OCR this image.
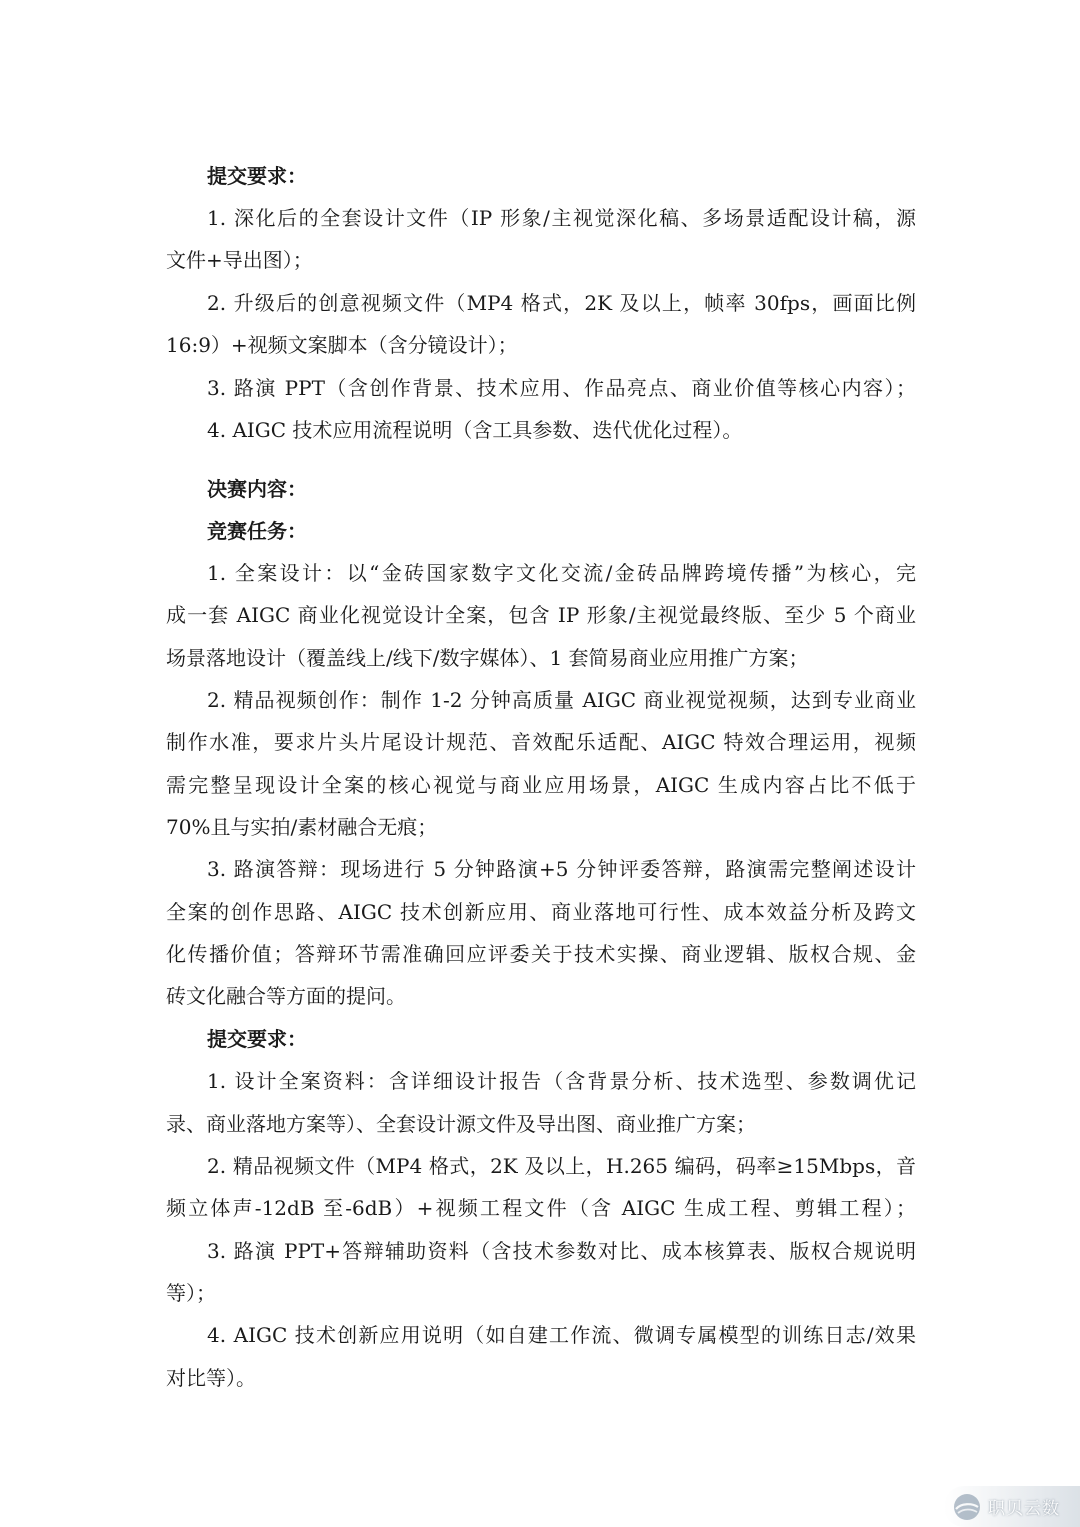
提交要求：
1. 深化后的全套设计文件（IP 形象/主视觉深化稿、多场景适配设计稿，源
文件+导出图）；
2. 升级后的创意视频文件（MP4 格式，2K 及以上，帧率 30fps，画面比例
16:9）+视频文案脚本（含分镜设计）；
3. 路演 PPT（含创作背景、技术应用、作品亮点、商业价值等核心内容）；
4. AIGC 技术应用流程说明（含工具参数、迭代优化过程）。
决赛内容：
竞赛任务：
1. 全案设计：以“金砖国家数字文化交流/金砖品牌跨境传播”为核心，完
成一套 AIGC 商业化视觉设计全案，包含 IP 形象/主视觉最终版、至少 5 个商业
场景落地设计（覆盖线上/线下/数字媒体）、1 套简易商业应用推广方案；
2. 精品视频创作：制作 1-2 分钟高质量 AIGC 商业视觉视频，达到专业商业
制作水准，要求片头片尾设计规范、音效配乐适配、AIGC 特效合理运用，视频
需完整呈现设计全案的核心视觉与商业应用场景，AIGC 生成内容占比不低于
70%且与实拍/素材融合无痕；
3. 路演答辩：现场进行 5 分钟路演+5 分钟评委答辩，路演需完整阐述设计
全案的创作思路、AIGC 技术创新应用、商业落地可行性、成本效益分析及跨文
化传播价值；答辩环节需准确回应评委关于技术实操、商业逻辑、版权合规、金
砖文化融合等方面的提问。
提交要求：
1. 设计全案资料：含详细设计报告（含背景分析、技术选型、参数调优记
录、商业落地方案等）、全套设计源文件及导出图、商业推广方案；
2. 精品视频文件（MP4 格式，2K 及以上，H.265 编码，码率≥15Mbps，音
频立体声-12dB 至-6dB）+视频工程文件（含 AIGC 生成工程、剪辑工程）；
3. 路演 PPT+答辩辅助资料（含技术参数对比、成本核算表、版权合规说明
等）；
4. AIGC 技术创新应用说明（如自建工作流、微调专属模型的训练日志/效果
对比等）。
职贝云数
